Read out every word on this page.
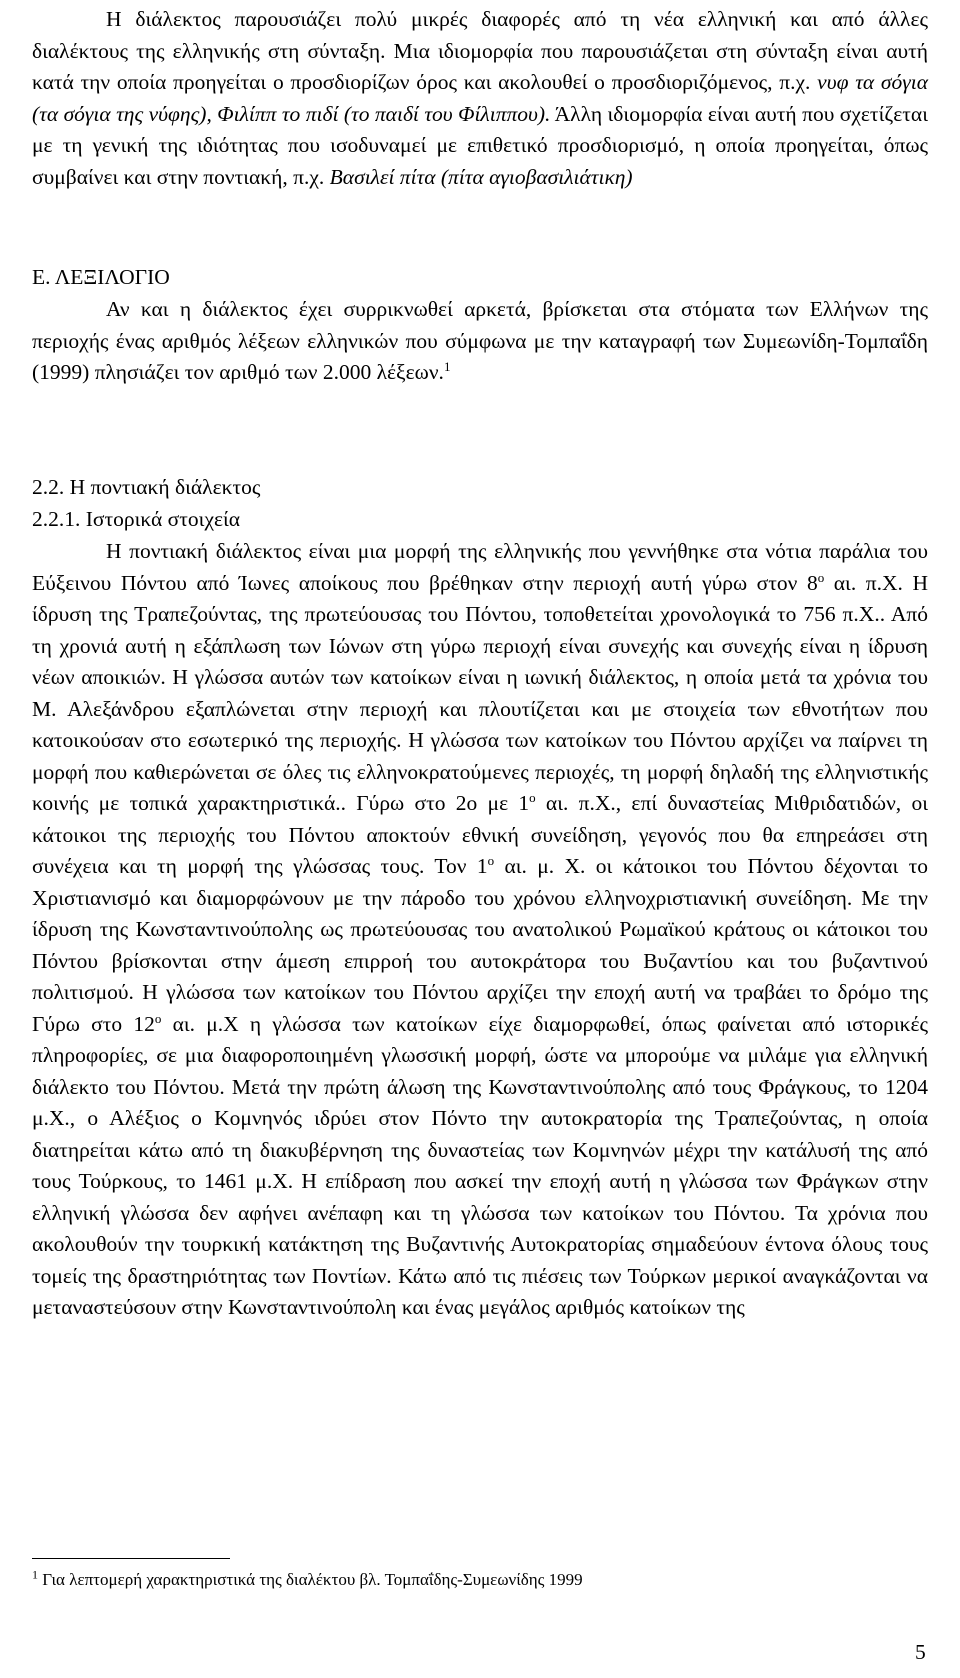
Η διάλεκτος παρουσιάζει πολύ μικρές διαφορές από τη νέα ελληνική και από άλλες διαλέκτους της ελληνικής στη σύνταξη. Μια ιδιομορφία που παρουσιάζεται στη σύνταξη είναι αυτή κατά την οποία προηγείται ο προσδιορίζων όρος και ακολουθεί ο προσδιοριζόμενος, π.χ. νυφ τα σόγια (τα σόγια της νύφης), Φιλίππ το πιδί (το παιδί του Φίλιππου). Άλλη ιδιομορφία είναι αυτή που σχετίζεται με τη γενική της ιδιότητας που ισοδυναμεί με επιθετικό προσδιορισμό, η οποία προηγείται, όπως συμβαίνει και στην ποντιακή, π.χ. Βασιλεί πίτα (πίτα αγιοβασιλιάτικη)

Ε. ΛΕΞΙΛΟΓΙΟ

Αν και η διάλεκτος έχει συρρικνωθεί αρκετά, βρίσκεται στα στόματα των Ελλήνων της περιοχής ένας αριθμός λέξεων ελληνικών που σύμφωνα με την καταγραφή των Συμεωνίδη-Τομπαΐδη (1999) πλησιάζει τον αριθμό των 2.000 λέξεων.$^1$

2.2. Η ποντιακή διάλεκτος

2.2.1. Ιστορικά στοιχεία

Η ποντιακή διάλεκτος είναι μια μορφή της ελληνικής που γεννήθηκε στα νότια παράλια του Εύξεινου Πόντου από Ίωνες αποίκους που βρέθηκαν στην περιοχή αυτή γύρω στον $8^o$ αι. π.Χ. Η ίδρυση της Τραπεζούντας, της πρωτεύουσας του Πόντου, τοποθετείται χρονολογικά το 756 π.Χ.. Από τη χρονιά αυτή η εξάπλωση των Ιώνων στη γύρω περιοχή είναι συνεχής και συνεχής είναι η ίδρυση νέων αποικιών. Η γλώσσα αυτών των κατοίκων είναι η ιωνική διάλεκτος, η οποία μετά τα χρόνια του Μ. Αλεξάνδρου εξαπλώνεται στην περιοχή και πλουτίζεται και με στοιχεία των εθνοτήτων που κατοικούσαν στο εσωτερικό της περιοχής. Η γλώσσα των κατοίκων του Πόντου αρχίζει να παίρνει τη μορφή που καθιερώνεται σε όλες τις ελληνοκρατούμενες περιοχές, τη μορφή δηλαδή της ελληνιστικής κοινής με τοπικά χαρακτηριστικά.. Γύρω στο 2ο με $1^o$ αι. π.Χ., επί δυναστείας Μιθριδατιδών, οι κάτοικοι της περιοχής του Πόντου αποκτούν εθνική συνείδηση, γεγονός που θα επηρεάσει στη συνέχεια και τη μορφή της γλώσσας τους. Τον $1^o$ αι. μ. Χ. οι κάτοικοι του Πόντου δέχονται το Χριστιανισμό και διαμορφώνουν με την πάροδο του χρόνου ελληνοχριστιανική συνείδηση. Με την ίδρυση της Κωνσταντινούπολης ως πρωτεύουσας του ανατολικού Ρωμαϊκού κράτους οι κάτοικοι του Πόντου βρίσκονται στην άμεση επιρροή του αυτοκράτορα του Βυζαντίου και του βυζαντινού πολιτισμού. Η γλώσσα των κατοίκων του Πόντου αρχίζει την εποχή αυτή να τραβάει το δρόμο της Γύρω στο $12^o$ αι. μ.Χ η γλώσσα των κατοίκων είχε διαμορφωθεί, όπως φαίνεται από ιστορικές πληροφορίες, σε μια διαφοροποιημένη γλωσσική μορφή, ώστε να μπορούμε να μιλάμε για ελληνική διάλεκτο του Πόντου. Μετά την πρώτη άλωση της Κωνσταντινούπολης από τους Φράγκους, το 1204 μ.Χ., ο Αλέξιος ο Κομνηνός ιδρύει στον Πόντο την αυτοκρατορία της Τραπεζούντας, η οποία διατηρείται κάτω από τη διακυβέρνηση της δυναστείας των Κομνηνών μέχρι την κατάλυσή της από τους Τούρκους, το 1461 μ.Χ. Η επίδραση που ασκεί την εποχή αυτή η γλώσσα των Φράγκων στην ελληνική γλώσσα δεν αφήνει ανέπαφη και τη γλώσσα των κατοίκων του Πόντου. Τα χρόνια που ακολουθούν την τουρκική κατάκτηση της Βυζαντινής Αυτοκρατορίας σημαδεύουν έντονα όλους τους τομείς της δραστηριότητας των Ποντίων. Κάτω από τις πιέσεις των Τούρκων μερικοί αναγκάζονται να μεταναστεύσουν στην Κωνσταντινούπολη και ένας μεγάλος αριθμός κατοίκων της

$^1$ Για λεπτομερή χαρακτηριστικά της διαλέκτου βλ. Τομπαΐδης-Συμεωνίδης 1999
5
